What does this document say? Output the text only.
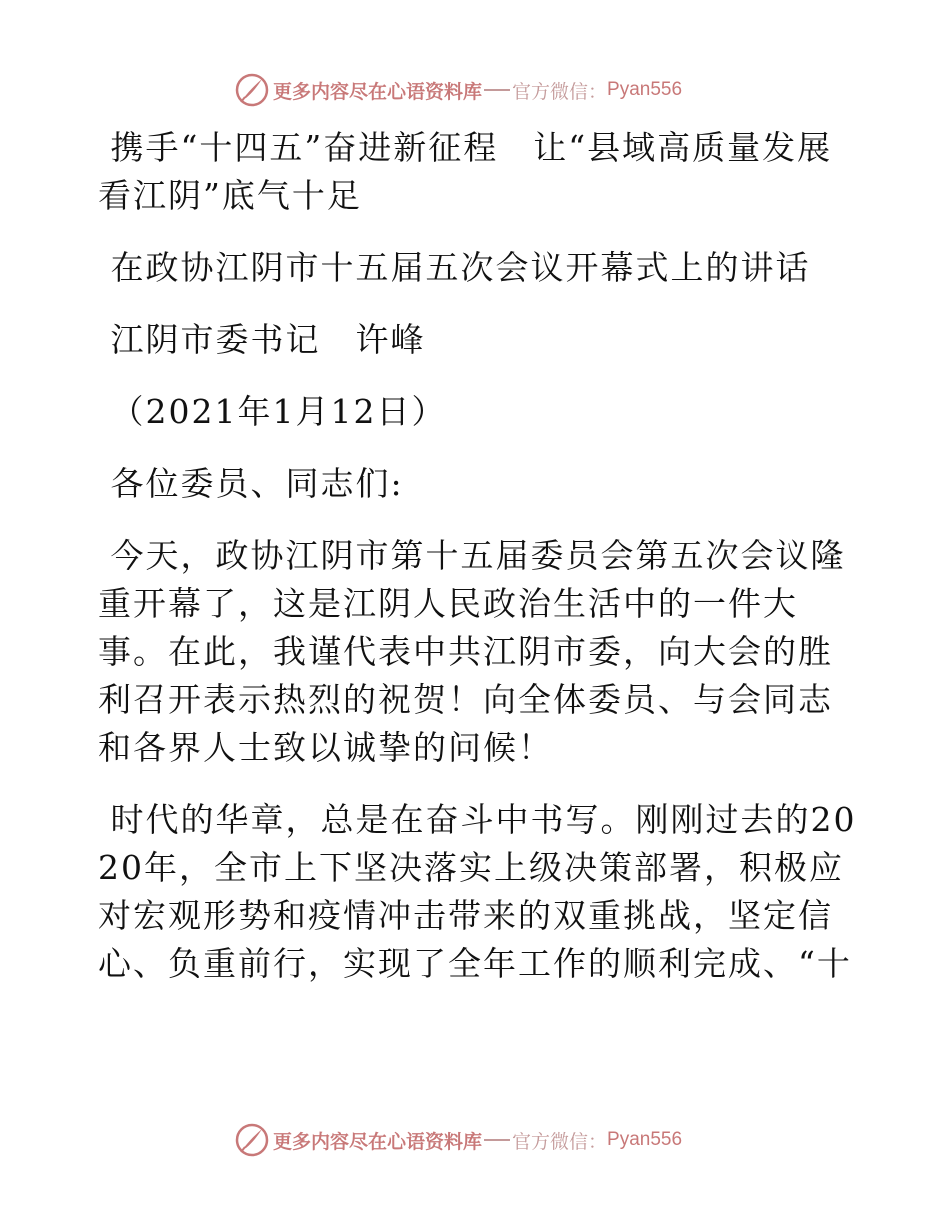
更多内容尽在心语资料库 官方微信： Pyan556

携手“十四五”奋进新征程　让“县域高质量发展看江阴”底气十足

在政协江阴市十五届五次会议开幕式上的讲话

江阴市委书记　许峰

（2021年1月12日）

各位委员、同志们:

今天，政协江阴市第十五届委员会第五次会议隆重开幕了，这是江阴人民政治生活中的一件大事。在此，我谨代表中共江阴市委，向大会的胜利召开表示热烈的祝贺！向全体委员、与会同志和各界人士致以诚挚的问候！

时代的华章，总是在奋斗中书写。刚刚过去的2020年，全市上下坚决落实上级决策部署，积极应对宏观形势和疫情冲击带来的双重挑战，坚定信心、负重前行，实现了全年工作的顺利完成、“十

更多内容尽在心语资料库 官方微信： Pyan556
